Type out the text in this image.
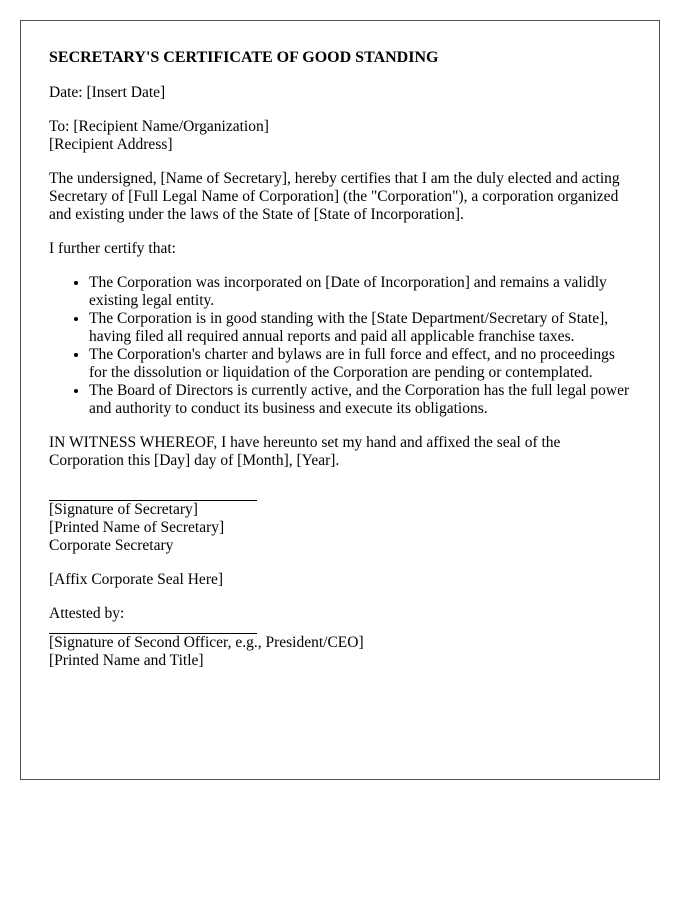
SECRETARY'S CERTIFICATE OF GOOD STANDING

Date: [Insert Date]

To: [Recipient Name/Organization]
[Recipient Address]

The undersigned, [Name of Secretary], hereby certifies that I am the duly elected and acting Secretary of [Full Legal Name of Corporation] (the "Corporation"), a corporation organized and existing under the laws of the State of [State of Incorporation].

I further certify that:

• The Corporation was incorporated on [Date of Incorporation] and remains a validly existing legal entity.
• The Corporation is in good standing with the [State Department/Secretary of State], having filed all required annual reports and paid all applicable franchise taxes.
• The Corporation's charter and bylaws are in full force and effect, and no proceedings for the dissolution or liquidation of the Corporation are pending or contemplated.
• The Board of Directors is currently active, and the Corporation has the full legal power and authority to conduct its business and execute its obligations.

IN WITNESS WHEREOF, I have hereunto set my hand and affixed the seal of the Corporation this [Day] day of [Month], [Year].

[Signature of Secretary]
[Printed Name of Secretary]
Corporate Secretary

[Affix Corporate Seal Here]

Attested by:
[Signature of Second Officer, e.g., President/CEO]
[Printed Name and Title]
